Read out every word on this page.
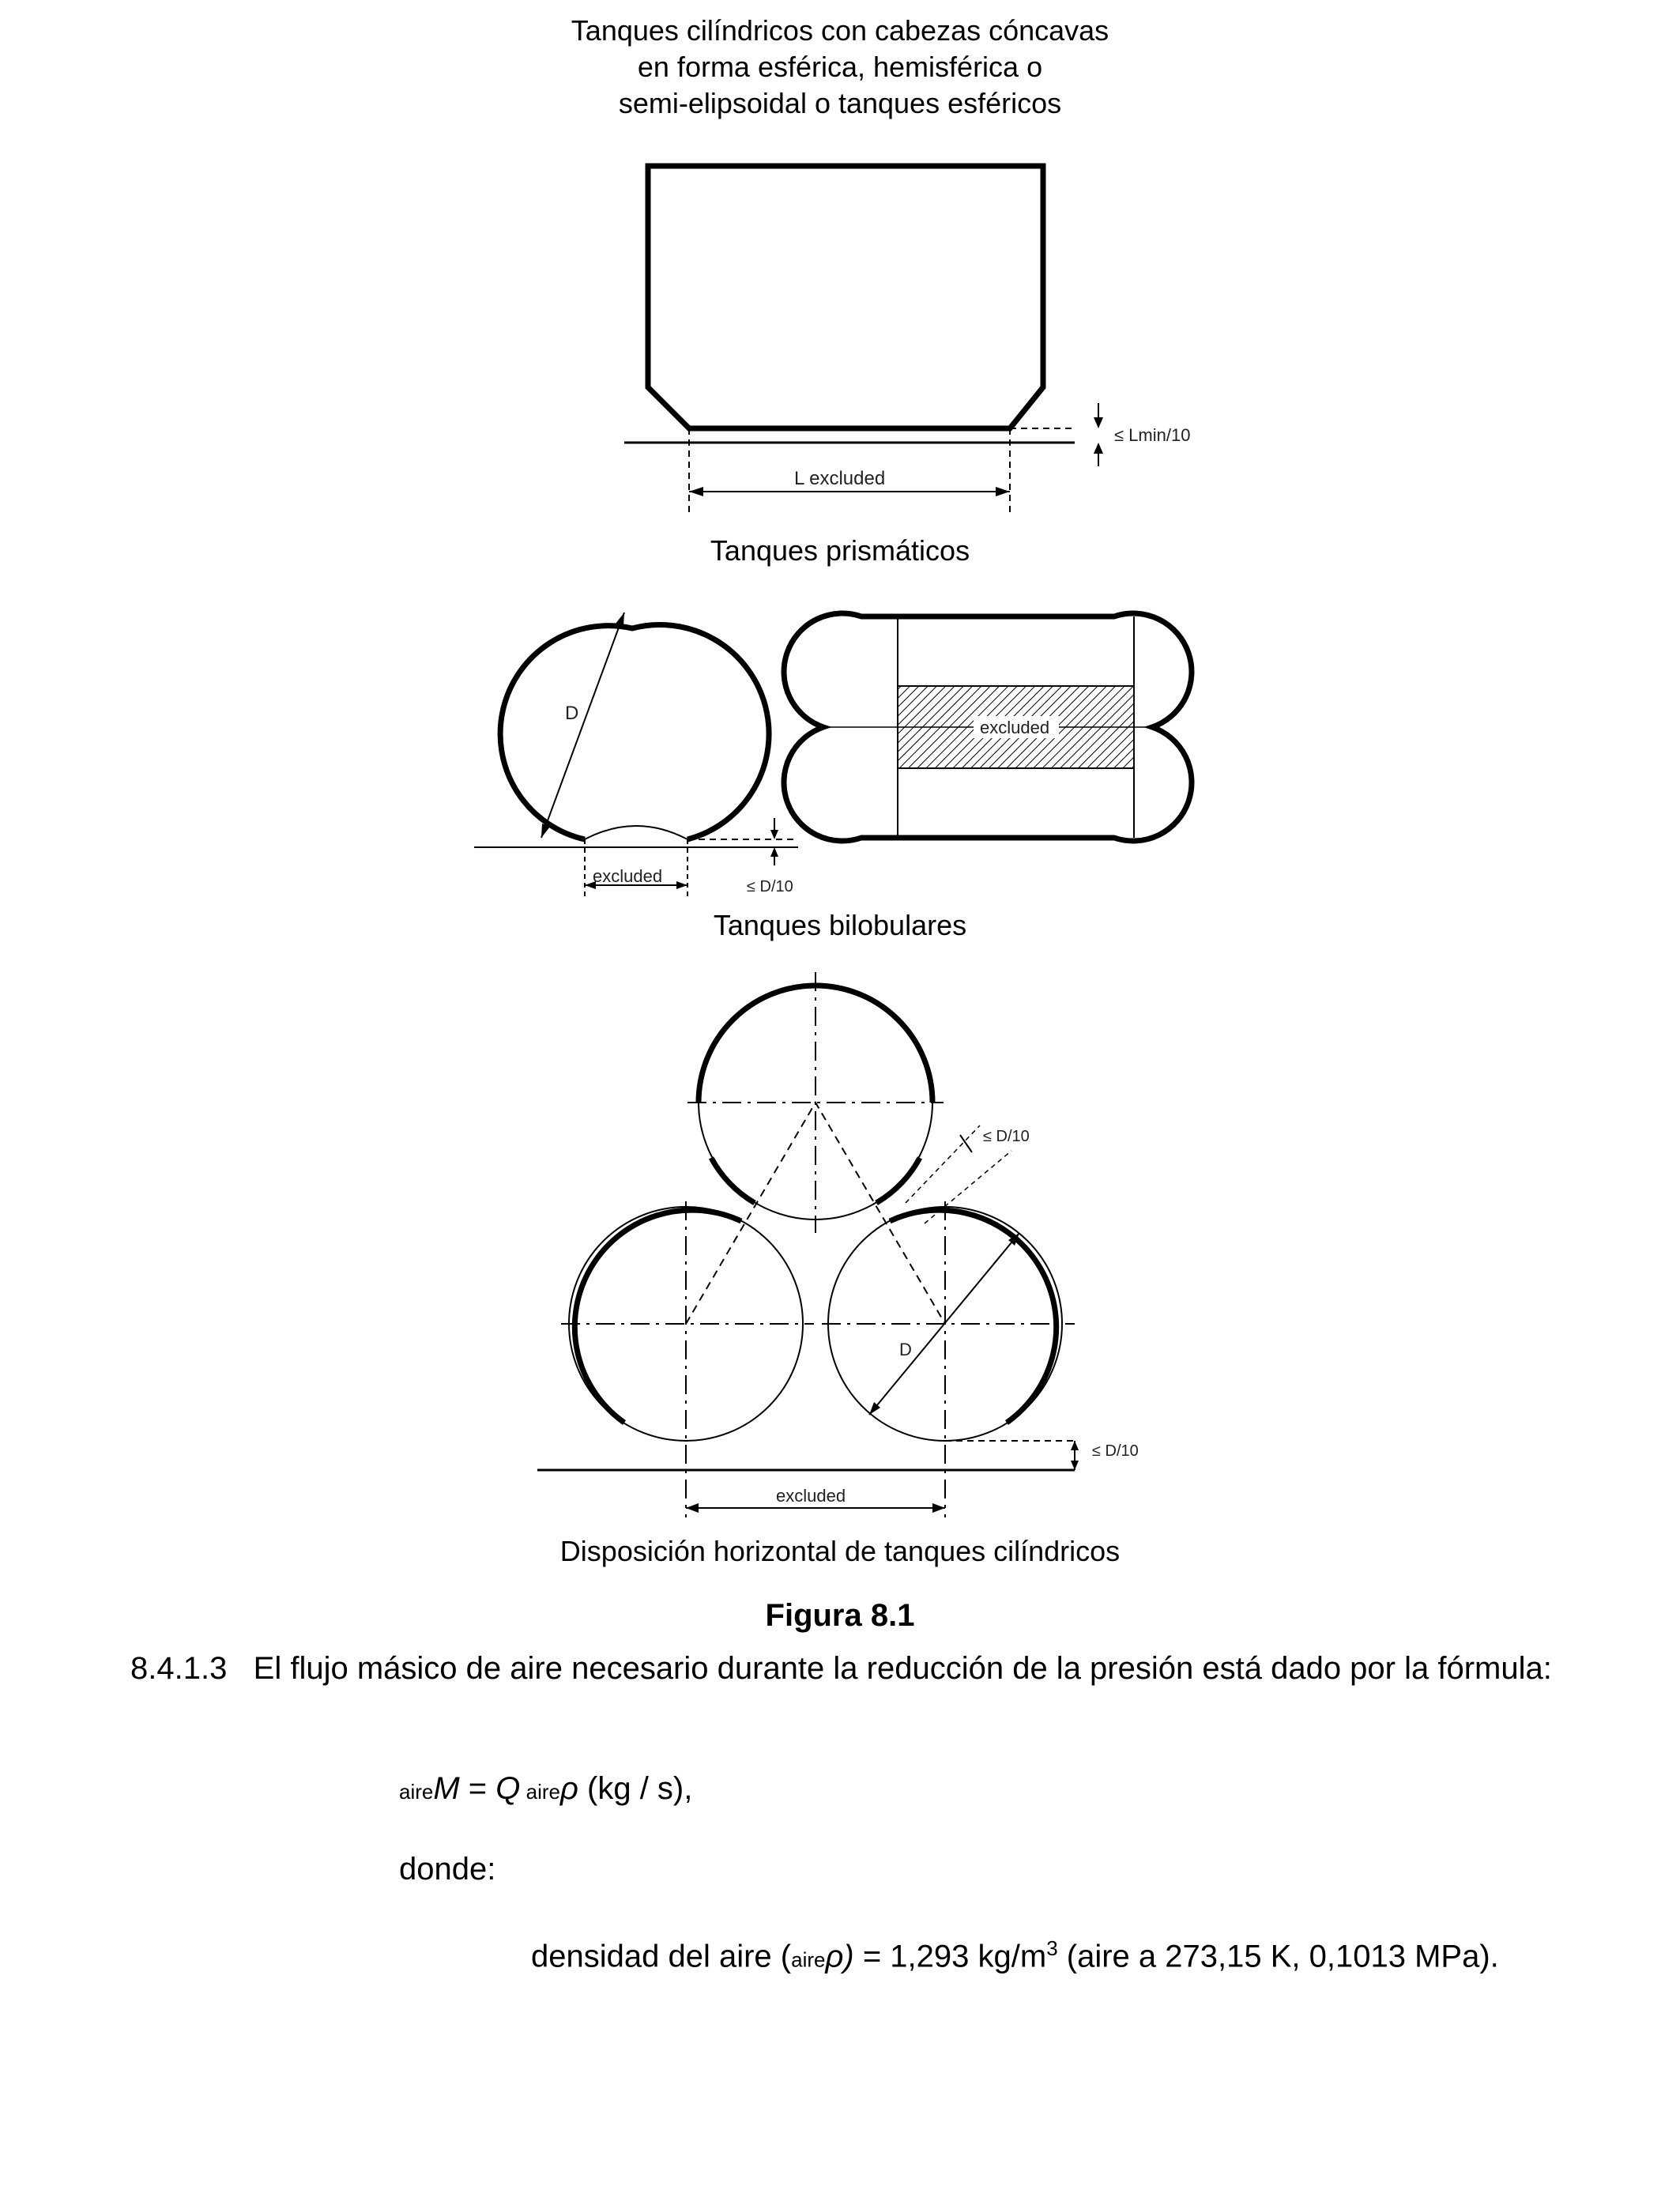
Tanques cilíndricos con cabezas cóncavas
en forma esférica, hemisférica o
semi-elipsoidal o tanques esféricos
L excluded
≤ Lmin/10
Tanques prismáticos
D
excluded
≤ D/10
excluded
Tanques bilobulares
D
≤ D/10
≤ D/10
excluded
Disposición horizontal de tanques cilíndricos
Figura 8.1
8.4.1.3 El flujo másico de aire necesario durante la reducción de la presión está dado por la fórmula:
aireM = Q aireρ (kg / s),
donde:
densidad del aire (aireρ) = 1,293 $kg/m^3$ (aire a 273,15 K, 0,1013 MPa).
